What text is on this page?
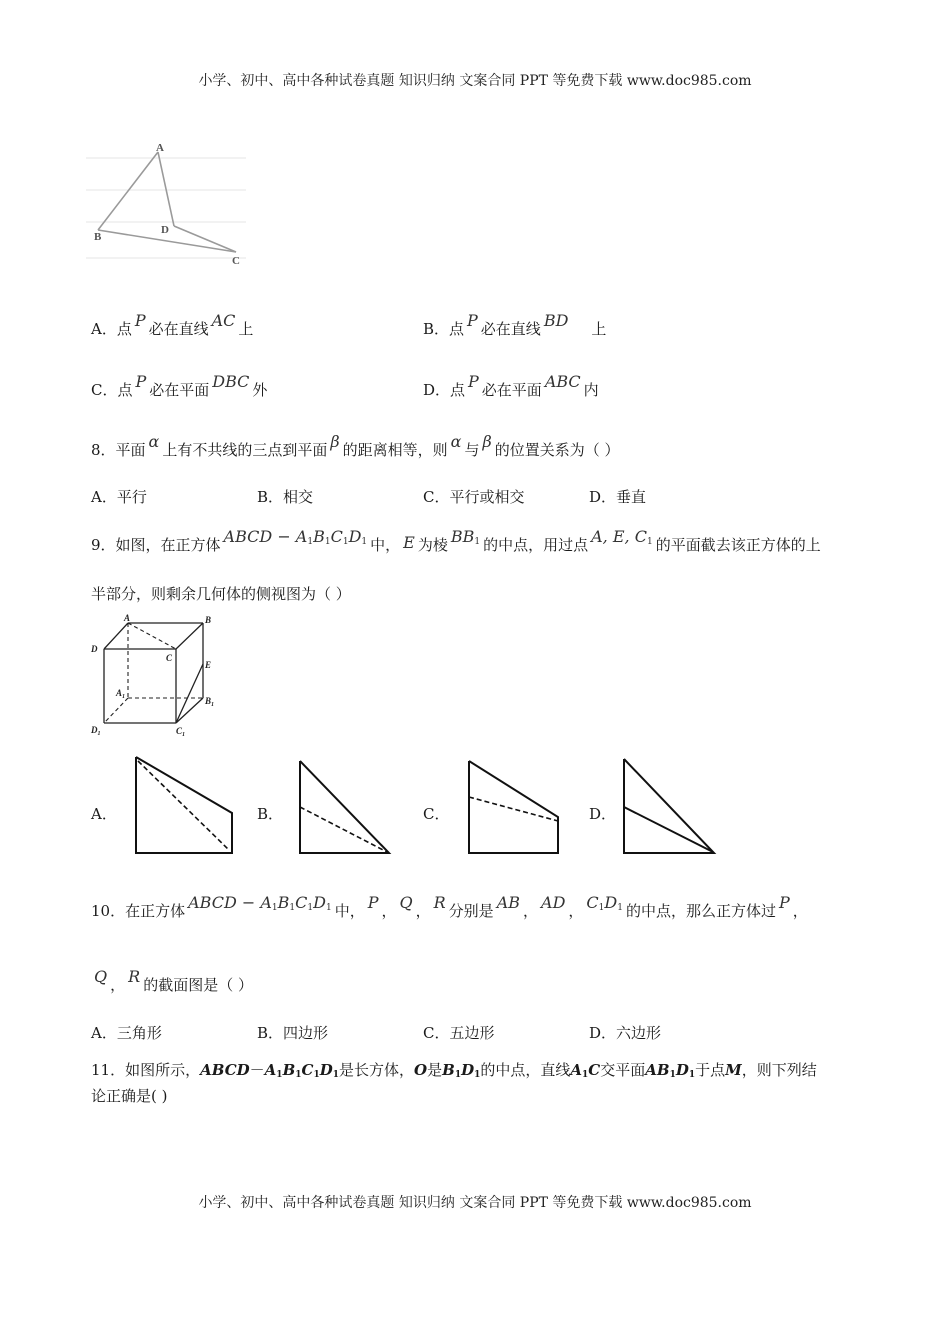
小学、初中、高中各种试卷真题 知识归纳 文案合同 PPT 等免费下载 www.doc985.com
A
B
D
C
A．点 P 必在直线 AC 上	B．点 P 必在直线 BD 上
C．点 P 必在平面 DBC 外	D．点 P 必在平面 ABC 内
8．平面 α 上有不共线的三点到平面 β 的距离相等，则 α 与 β 的位置关系为（ ）
A．平行	B．相交	C．平行或相交	D．垂直
9．如图，在正方体 ABCD − $A_1B_1C_1D_1$ 中， E 为棱 $BB_1$ 的中点，用过点 A, E, $C_1$ 的平面截去该正方体的上
半部分，则剩余几何体的侧视图为（ ）
A	B
D
C
E
$A_1$	$B_1$
$D_1$	$C_1$
A．	B．	C．	D．
10．在正方体 ABCD − $A_1B_1C_1D_1$ 中， P ， Q ， R 分别是 AB ， AD ， $C_1D_1$ 的中点，那么正方体过 P ，
Q ， R 的截面图是（ ）
A．三角形	B．四边形	C．五边形	D．六边形
11．如图所示，$ABCD-A_1B_1C_1D_1$是长方体，O是$B_1D_1$的中点，直线$A_1C$交平面$AB_1D_1$于点M，则下列结
论正确是( )
小学、初中、高中各种试卷真题 知识归纳 文案合同 PPT 等免费下载 www.doc985.com
